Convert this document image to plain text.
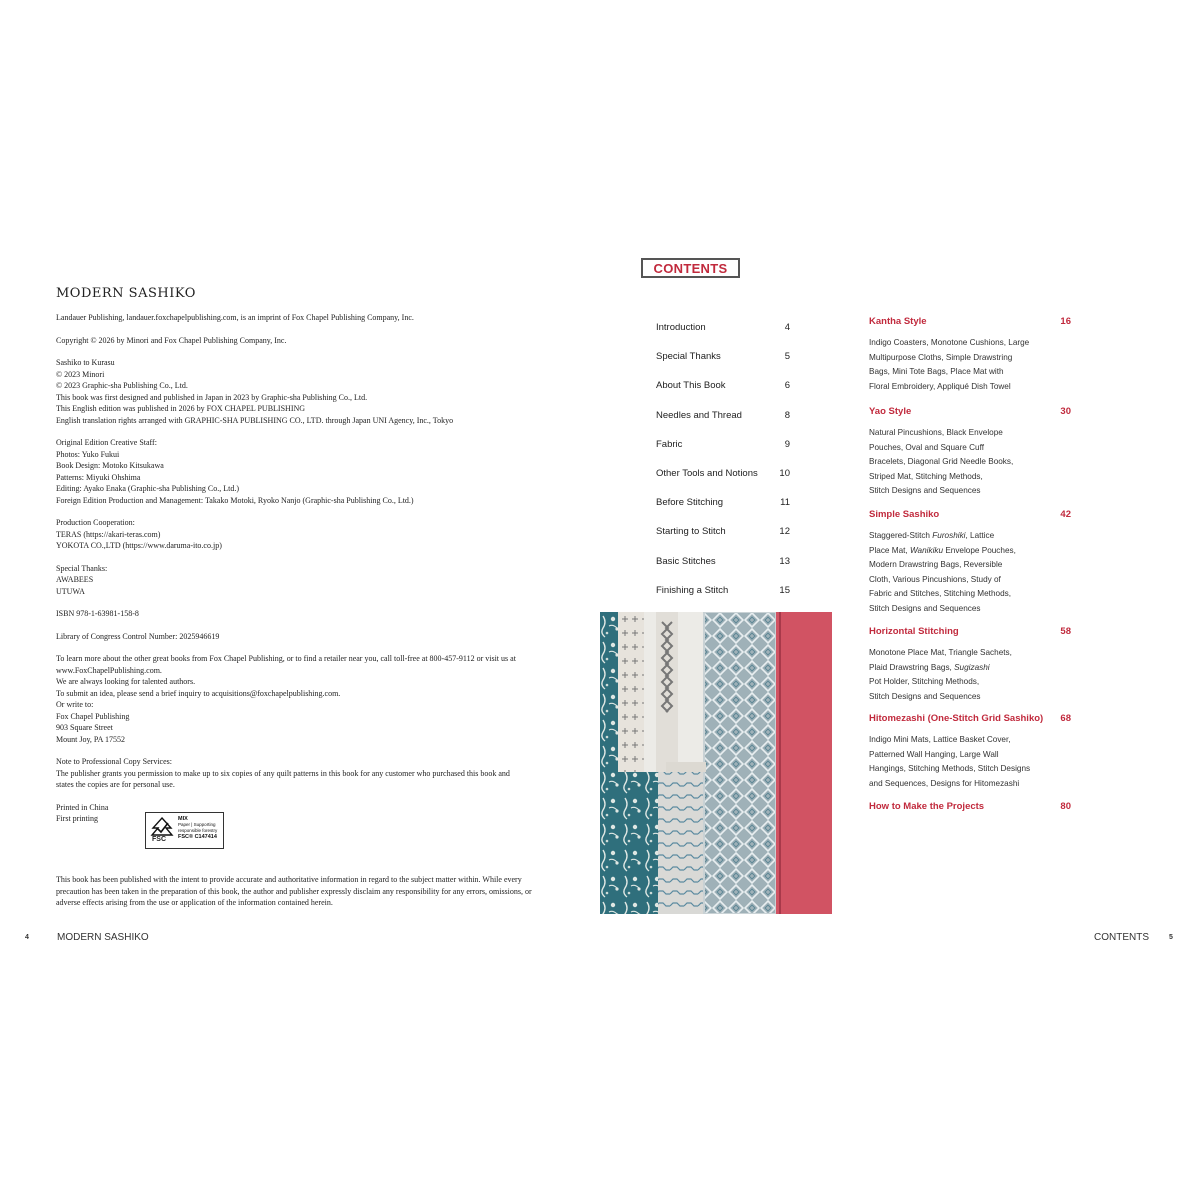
MODERN SASHIKO
Landauer Publishing, landauer.foxchapelpublishing.com, is an imprint of Fox Chapel Publishing Company, Inc.
Copyright © 2026 by Minori and Fox Chapel Publishing Company, Inc.
Sashiko to Kurasu
© 2023 Minori
© 2023 Graphic-sha Publishing Co., Ltd.
This book was first designed and published in Japan in 2023 by Graphic-sha Publishing Co., Ltd.
This English edition was published in 2026 by FOX CHAPEL PUBLISHING
English translation rights arranged with GRAPHIC-SHA PUBLISHING CO., LTD. through Japan UNI Agency, Inc., Tokyo
Original Edition Creative Staff:
Photos: Yuko Fukui
Book Design: Motoko Kitsukawa
Patterns: Miyuki Ohshima
Editing: Ayako Enaka (Graphic-sha Publishing Co., Ltd.)
Foreign Edition Production and Management: Takako Motoki, Ryoko Nanjo (Graphic-sha Publishing Co., Ltd.)
Production Cooperation:
TERAS (https://akari-teras.com)
YOKOTA CO.,LTD (https://www.daruma-ito.co.jp)
Special Thanks:
AWABEES
UTUWA
ISBN 978-1-63981-158-8
Library of Congress Control Number: 2025946619
To learn more about the other great books from Fox Chapel Publishing, or to find a retailer near you, call toll-free at 800-457-9112 or visit us at
www.FoxChapelPublishing.com.
We are always looking for talented authors.
To submit an idea, please send a brief inquiry to acquisitions@foxchapelpublishing.com.
Or write to:
Fox Chapel Publishing
903 Square Street
Mount Joy, PA 17552
Note to Professional Copy Services:
The publisher grants you permission to make up to six copies of any quilt patterns in this book for any customer who purchased this book and
states the copies are for personal use.
Printed in China
First printing
FSC
MIX
Paper | Supporting
responsible forestry
FSC® C147414
This book has been published with the intent to provide accurate and authoritative information in regard to the subject matter within. While every precaution has been taken in the preparation of this book, the author and publisher expressly disclaim any responsibility for any errors, omissions, or adverse effects arising from the use or application of the information contained herein.
4	MODERN SASHIKO
CONTENTS
Introduction	4
Special Thanks	5
About This Book	6
Needles and Thread	8
Fabric	9
Other Tools and Notions 10
Before Stitching	11
Starting to Stitch	12
Basic Stitches	13
Finishing a Stitch	15
Kantha Style	16
Indigo Coasters, Monotone Cushions, Large
Multipurpose Cloths, Simple Drawstring
Bags, Mini Tote Bags, Place Mat with
Floral Embroidery, Appliqué Dish Towel
Yao Style	30
Natural Pincushions, Black Envelope
Pouches, Oval and Square Cuff
Bracelets, Diagonal Grid Needle Books,
Striped Mat, Stitching Methods,
Stitch Designs and Sequences
Simple Sashiko	42
Staggered-Stitch Furoshiki, Lattice
Place Mat, Wanikiku Envelope Pouches,
Modern Drawstring Bags, Reversible
Cloth, Various Pincushions, Study of
Fabric and Stitches, Stitching Methods,
Stitch Designs and Sequences
Horizontal Stitching	58
Monotone Place Mat, Triangle Sachets,
Plaid Drawstring Bags, Sugizashi
Pot Holder, Stitching Methods,
Stitch Designs and Sequences
Hitomezashi (One-Stitch Grid Sashiko) 68
Indigo Mini Mats, Lattice Basket Cover,
Patterned Wall Hanging, Large Wall
Hangings, Stitching Methods, Stitch Designs
and Sequences, Designs for Hitomezashi
How to Make the Projects	80
CONTENTS	5
